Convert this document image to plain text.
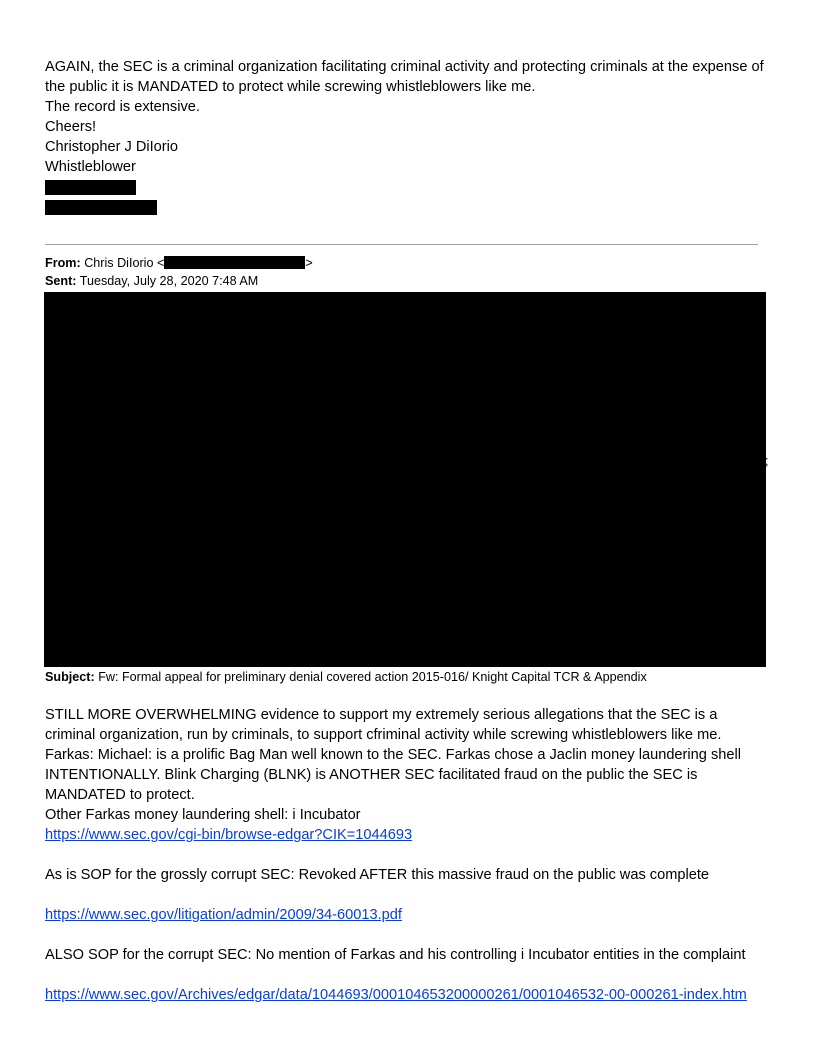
AGAIN, the SEC is a criminal organization facilitating criminal activity and protecting criminals at the expense of the public it is MANDATED to protect while screwing whistleblowers like me.
The record is extensive.
Cheers!
Christopher J DiIorio
Whistleblower
From: Chris DiIorio <	>
Sent: Tuesday, July 28, 2020 7:48 AM
;
Subject: Fw: Formal appeal for preliminary denial covered action 2015-016/ Knight Capital TCR & Appendix
STILL MORE OVERWHELMING evidence to support my extremely serious allegations that the SEC is a criminal organization, run by criminals, to support cfriminal activity while screwing whistleblowers like me.
Farkas: Michael: is a prolific Bag Man well known to the SEC. Farkas chose a Jaclin money laundering shell INTENTIONALLY. Blink Charging (BLNK) is ANOTHER SEC facilitated fraud on the public the SEC is MANDATED to protect.
Other Farkas money laundering shell: i Incubator
https://www.sec.gov/cgi-bin/browse-edgar?CIK=1044693
As is SOP for the grossly corrupt SEC: Revoked AFTER this massive fraud on the public was complete
https://www.sec.gov/litigation/admin/2009/34-60013.pdf
ALSO SOP for the corrupt SEC: No mention of Farkas and his controlling i Incubator entities in the complaint
https://www.sec.gov/Archives/edgar/data/1044693/000104653200000261/0001046532-00-000261-index.htm
